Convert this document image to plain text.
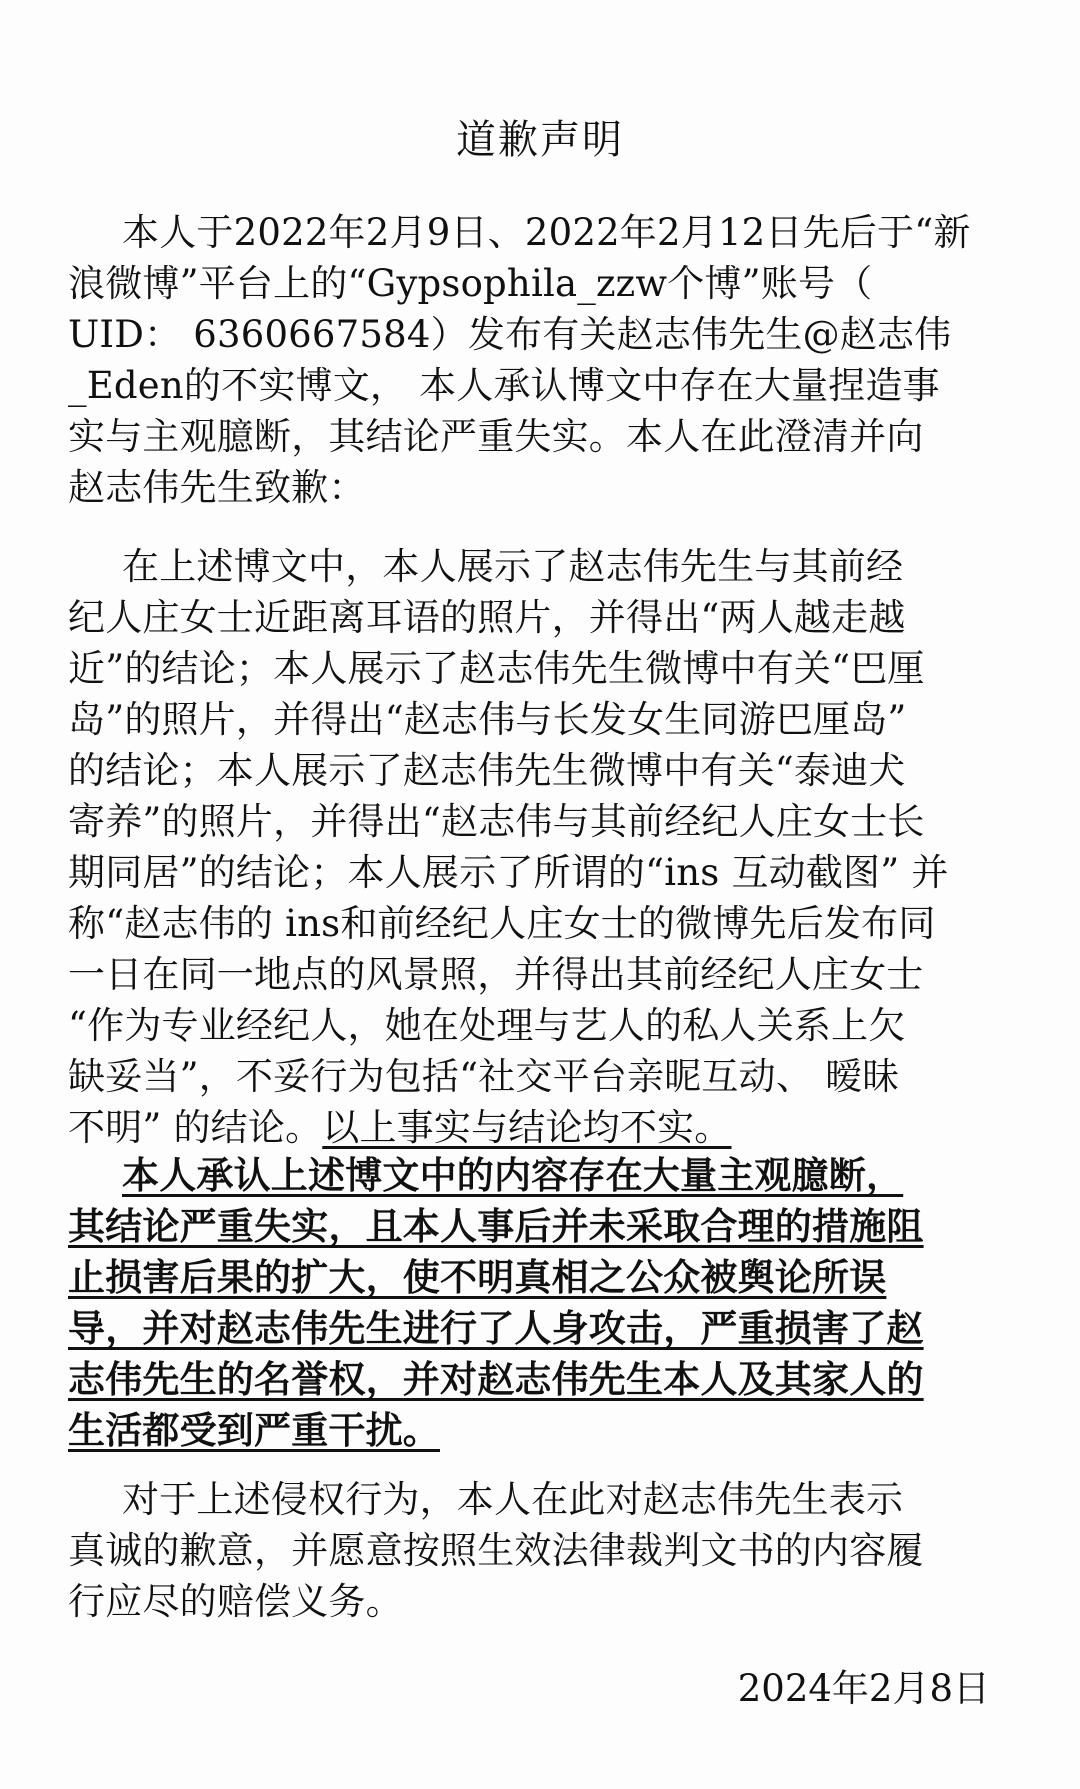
道歉声明
本人于2022年2月9日、2022年2月12日先后于“新
浪微博”平台上的“Gypsophila_zzw个博”账号（
UID： 6360667584）发布有关赵志伟先生@赵志伟
_Eden的不实博文， 本人承认博文中存在大量捏造事
实与主观臆断，其结论严重失实。本人在此澄清并向
赵志伟先生致歉：
在上述博文中，本人展示了赵志伟先生与其前经
纪人庄女士近距离耳语的照片，并得出“两人越走越
近”的结论；本人展示了赵志伟先生微博中有关“巴厘
岛”的照片，并得出“赵志伟与长发女生同游巴厘岛”
的结论；本人展示了赵志伟先生微博中有关“泰迪犬
寄养”的照片，并得出“赵志伟与其前经纪人庄女士长
期同居”的结论；本人展示了所谓的“ins 互动截图” 并
称“赵志伟的 ins和前经纪人庄女士的微博先后发布同
一日在同一地点的风景照，并得出其前经纪人庄女士
“作为专业经纪人，她在处理与艺人的私人关系上欠
缺妥当”，不妥行为包括“社交平台亲昵互动、 暧昧
不明” 的结论。以上事实与结论均不实。
本人承认上述博文中的内容存在大量主观臆断，
其结论严重失实，且本人事后并未采取合理的措施阻
止损害后果的扩大，使不明真相之公众被舆论所误
导，并对赵志伟先生进行了人身攻击，严重损害了赵
志伟先生的名誉权，并对赵志伟先生本人及其家人的
生活都受到严重干扰。
对于上述侵权行为，本人在此对赵志伟先生表示
真诚的歉意，并愿意按照生效法律裁判文书的内容履
行应尽的赔偿义务。
2024年2月8日
